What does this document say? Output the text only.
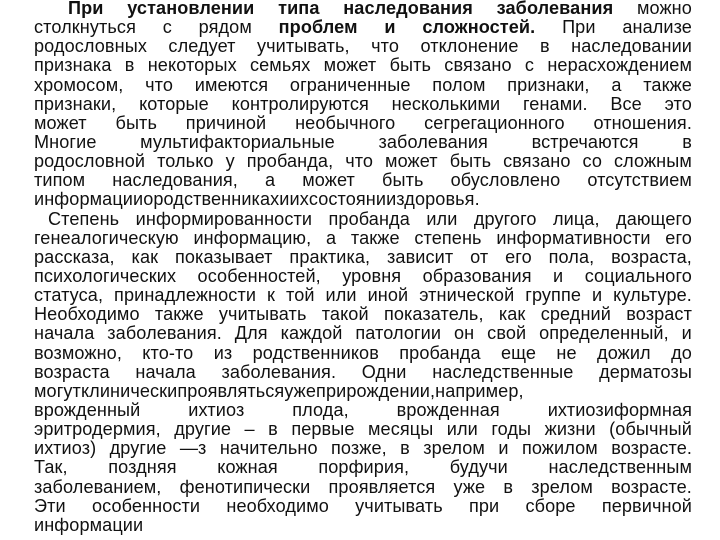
При установлении типа наследования заболевания можно
столкнуться с рядом проблем и сложностей. При анализе
родословных следует учитывать, что отклонение в наследовании
признака в некоторых семьях может быть связано с нерасхождением
хромосом, что имеются ограниченные полом признаки, а также
признаки, которые контролируются несколькими генами. Все это
может быть причиной необычного сегрегационного отношения.
Многие мультифакториальные заболевания встречаются в
родословной только у пробанда, что может быть связано со сложным
типом наследования, а может быть обусловлено отсутствием
информации о родственниках и их состоянии здоровья.
Степень информированности пробанда или другого лица, дающего
генеалогическую информацию, а также степень информативности его
рассказа, как показывает практика, зависит от его пола, возраста,
психологических особенностей, уровня образования и социального
статуса, принадлежности к той или иной этнической группе и культуре.
Необходимо также учитывать такой показатель, как средний возраст
начала заболевания. Для каждой патологии он свой определенный, и
возможно, кто-то из родственников пробанда еще не дожил до
возраста начала заболевания. Одни наследственные дерматозы
могут клинически проявляться уже при рождении, например,
врожденный	ихтиоз	плода,	врожденная	ихтиозиформная
эритродермия, другие – в первые месяцы или годы жизни (обычный
ихтиоз) другие —з начительно позже, в зрелом и пожилом возрасте.
Так, поздняя кожная порфирия, будучи наследственным
заболеванием, фенотипически проявляется уже в зрелом возрасте.
Эти особенности необходимо учитывать при сборе первичной
информации
